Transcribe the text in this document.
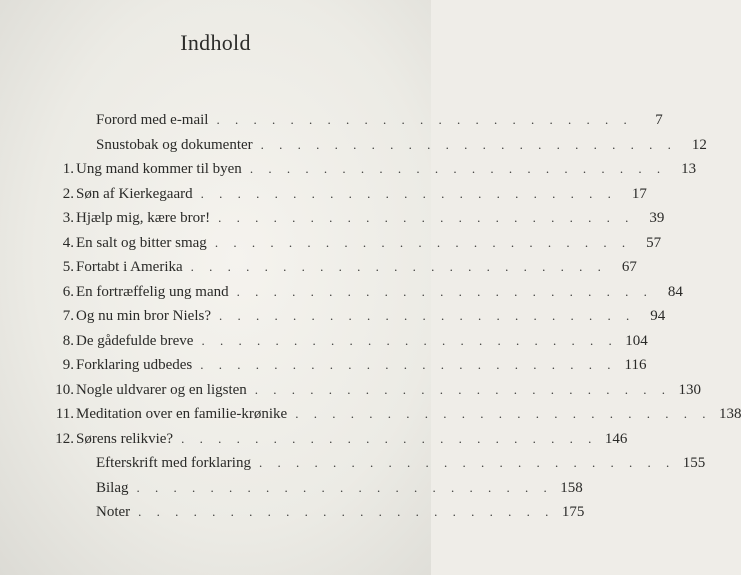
Indhold
Forord med e-mail . . . . . . . . . . . . . . . . . . . . . . .	7
Snustobak og dokumenter . . . . . . . . . . . . . . . . . . . . . . .	12
1. Ung mand kommer til byen . . . . . . . . . . . . . . . . . . . . . . .	13
2. Søn af Kierkegaard . . . . . . . . . . . . . . . . . . . . . . .	17
3. Hjælp mig, kære bror! . . . . . . . . . . . . . . . . . . . . . . .	39
4. En salt og bitter smag . . . . . . . . . . . . . . . . . . . . . . .	57
5. Fortabt i Amerika . . . . . . . . . . . . . . . . . . . . . . .	67
6. En fortræffelig ung mand . . . . . . . . . . . . . . . . . . . . . . .	84
7. Og nu min bror Niels? . . . . . . . . . . . . . . . . . . . . . . .	94
8. De gådefulde breve . . . . . . . . . . . . . . . . . . . . . . . 104
9. Forklaring udbedes . . . . . . . . . . . . . . . . . . . . . . . 116
10. Nogle uldvarer og en ligsten . . . . . . . . . . . . . . . . . . . . . . . 130
11. Meditation over en familie-krønike . . . . . . . . . . . . . . . . . . . . . . . 138
12. Sørens relikvie? . . . . . . . . . . . . . . . . . . . . . . . 146
Efterskrift med forklaring . . . . . . . . . . . . . . . . . . . . . . . 155
Bilag . . . . . . . . . . . . . . . . . . . . . . . 158
Noter . . . . . . . . . . . . . . . . . . . . . . . 175
